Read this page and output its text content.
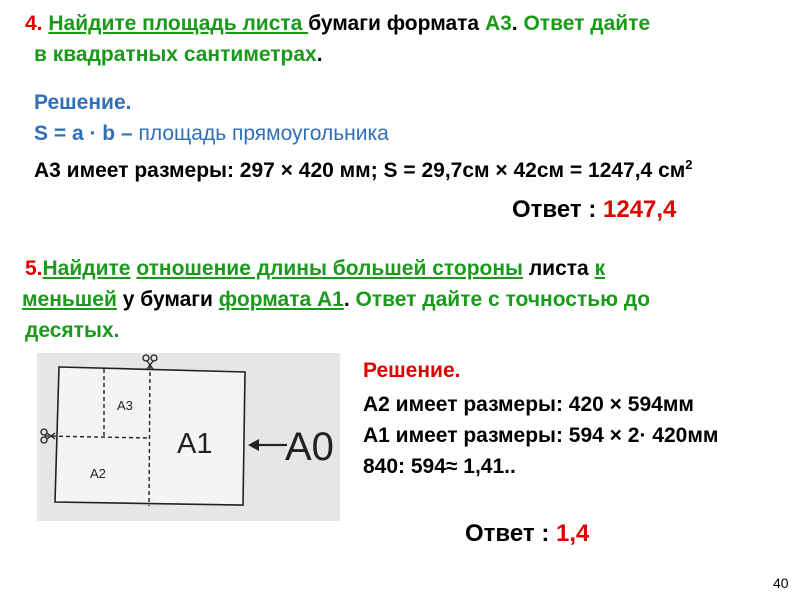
4. Найдите площадь листа бумаги формата А3. Ответ дайте
в квадратных сантиметрах.
Решение.
S = a · b – площадь прямоугольника
А3 имеет размеры: 297 × 420 мм; S = 29,7см × 42см = 1247,4 $см^2$
Ответ : 1247,4
5.Найдите отношение длины большей стороны листа к
меньшей у бумаги формата А1. Ответ дайте с точностью до
десятых.
А3
А2
А1 А0
Решение.
А2 имеет размеры: 420 × 594мм
А1 имеет размеры: 594 × 2· 420мм
840: 594≈ 1,41..
Ответ : 1,4
40
